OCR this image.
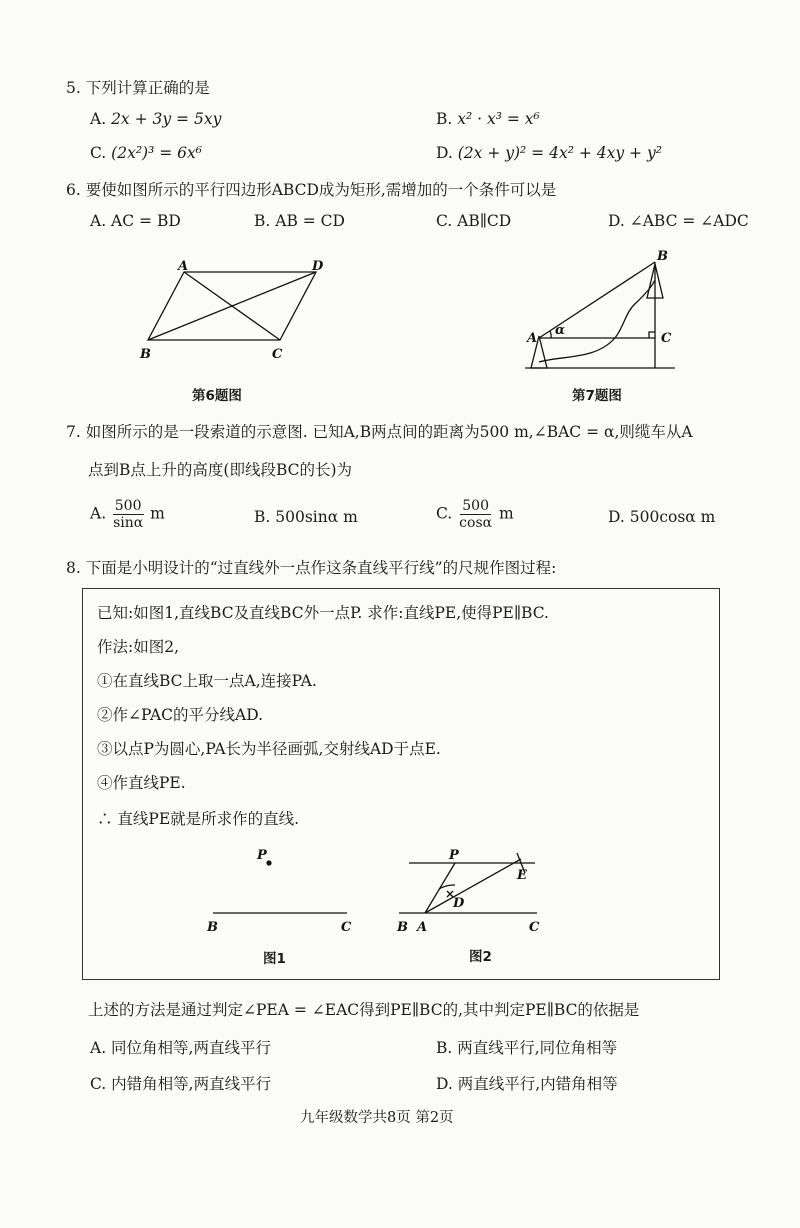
5. 下列计算正确的是
A. 2x + 3y = 5xy	B. x² · x³ = x⁶
C. (2x²)³ = 6x⁶	D. (2x + y)² = 4x² + 4xy + y²
6. 要使如图所示的平行四边形ABCD成为矩形,需增加的一个条件可以是
A. AC = BD	B. AB = CD	C. AB∥CD	D. ∠ABC = ∠ADC
A	D
B	C
第6题图
B
A	C
α
第7题图
7. 如图所示的是一段索道的示意图. 已知A,B两点间的距离为500 m,∠BAC = α,则缆车从A
点到B点上升的高度(即线段BC的长)为
A. $\frac{500}{\sin\alpha}$ m	B. 500sinα m	C. $\frac{500}{\cos\alpha}$ m	D. 500cosα m
8. 下面是小明设计的“过直线外一点作这条直线平行线”的尺规作图过程:
已知:如图1,直线BC及直线BC外一点P. 求作:直线PE,使得PE∥BC.
作法:如图2,
①在直线BC上取一点A,连接PA.
②作∠PAC的平分线AD.
③以点P为圆心,PA长为半径画弧,交射线AD于点E.
④作直线PE.
∴ 直线PE就是所求作的直线.
P
B	C
图1
P
E
D
B A	C
图2
上述的方法是通过判定∠PEA = ∠EAC得到PE∥BC的,其中判定PE∥BC的依据是
A. 同位角相等,两直线平行	B. 两直线平行,同位角相等
C. 内错角相等,两直线平行	D. 两直线平行,内错角相等
九年级数学共8页 第2页
